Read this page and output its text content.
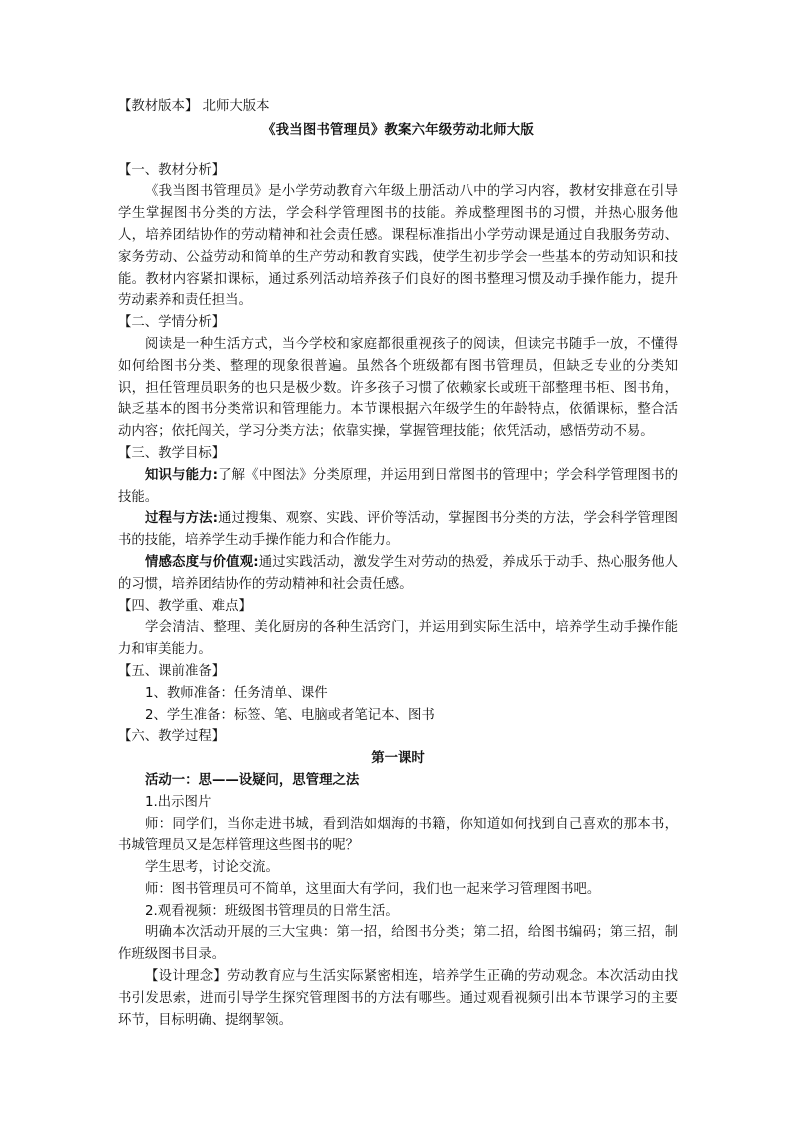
【教材版本】 北师大版本

《我当图书管理员》教案六年级劳动北师大版

【一、教材分析】

《我当图书管理员》是小学劳动教育六年级上册活动八中的学习内容，教材安排意在引导学生掌握图书分类的方法，学会科学管理图书的技能。养成整理图书的习惯，并热心服务他人，培养团结协作的劳动精神和社会责任感。课程标准指出小学劳动课是通过自我服务劳动、家务劳动、公益劳动和简单的生产劳动和教育实践，使学生初步学会一些基本的劳动知识和技能。教材内容紧扣课标，通过系列活动培养孩子们良好的图书整理习惯及动手操作能力，提升劳动素养和责任担当。

【二、学情分析】

阅读是一种生活方式，当今学校和家庭都很重视孩子的阅读，但读完书随手一放，不懂得如何给图书分类、整理的现象很普遍。虽然各个班级都有图书管理员，但缺乏专业的分类知识，担任管理员职务的也只是极少数。许多孩子习惯了依赖家长或班干部整理书柜、图书角，缺乏基本的图书分类常识和管理能力。本节课根据六年级学生的年龄特点，依循课标，整合活动内容；依托闯关，学习分类方法；依靠实操，掌握管理技能；依凭活动，感悟劳动不易。

【三、教学目标】

知识与能力:了解《中图法》分类原理，并运用到日常图书的管理中；学会科学管理图书的技能。

过程与方法:通过搜集、观察、实践、评价等活动，掌握图书分类的方法，学会科学管理图书的技能，培养学生动手操作能力和合作能力。

情感态度与价值观:通过实践活动，激发学生对劳动的热爱，养成乐于动手、热心服务他人的习惯，培养团结协作的劳动精神和社会责任感。

【四、教学重、难点】

学会清洁、整理、美化厨房的各种生活窍门，并运用到实际生活中，培养学生动手操作能力和审美能力。

【五、课前准备】

1、教师准备：任务清单、课件

2、学生准备：标签、笔、电脑或者笔记本、图书

【六、教学过程】

第一课时

活动一：思——设疑问，思管理之法

1.出示图片

师：同学们，当你走进书城，看到浩如烟海的书籍，你知道如何找到自己喜欢的那本书，书城管理员又是怎样管理这些图书的呢？

学生思考，讨论交流。

师：图书管理员可不简单，这里面大有学问，我们也一起来学习管理图书吧。

2.观看视频：班级图书管理员的日常生活。

明确本次活动开展的三大宝典：第一招，给图书分类；第二招，给图书编码；第三招，制作班级图书目录。

【设计理念】劳动教育应与生活实际紧密相连，培养学生正确的劳动观念。本次活动由找书引发思索，进而引导学生探究管理图书的方法有哪些。通过观看视频引出本节课学习的主要环节，目标明确、提纲挈领。
